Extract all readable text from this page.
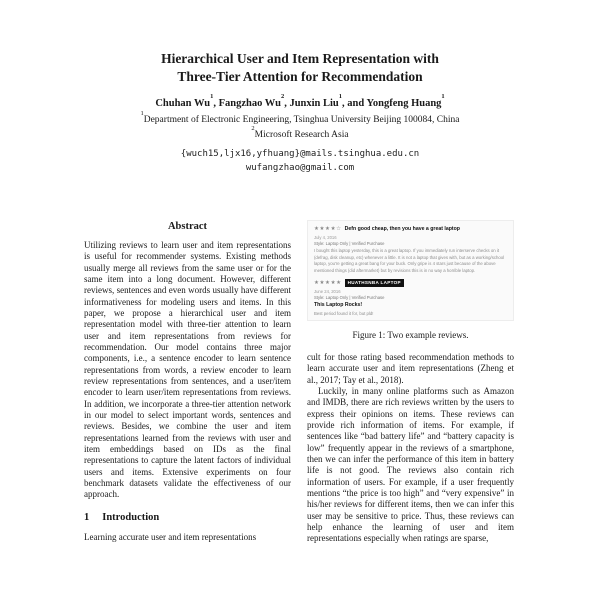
Hierarchical User and Item Representation with
Three-Tier Attention for Recommendation
Chuhan Wu$^1$, Fangzhao Wu$^2$, Junxin Liu$^1$, and Yongfeng Huang$^1$
$^1$Department of Electronic Engineering, Tsinghua University Beijing 100084, China
$^2$Microsoft Research Asia
{wuch15,ljx16,yfhuang}@mails.tsinghua.edu.cn
wufangzhao@gmail.com
Abstract

Utilizing reviews to learn user and item representations is useful for recommender systems. Existing methods usually merge all reviews from the same user or for the same item into a long document. However, different reviews, sentences and even words usually have different informativeness for modeling users and items. In this paper, we propose a hierarchical user and item representation model with three-tier attention to learn user and item representations from reviews for recommendation. Our model contains three major components, i.e., a sentence encoder to learn sentence representations from words, a review encoder to learn review representations from sentences, and a user/item encoder to learn user/item representations from reviews. In addition, we incorporate a three-tier attention network in our model to select important words, sentences and reviews. Besides, we combine the user and item representations learned from the reviews with user and item embeddings based on IDs as the final representations to capture the latent factors of individual users and items. Extensive experiments on four benchmark datasets validate the effectiveness of our approach.

1 Introduction

Learning accurate user and item representations

★★★★☆ Defn good cheap, then you have a great laptop
July 4, 2016
Style: Laptop Only | Verified Purchase
I bought this laptop yesterday, this is a great laptop. If you immediately run interserve checks on it (defrag, disk cleanup, etc) whenever a little. It is not a laptop that gives with, but as a working/school laptop, you're getting a great bang for your buck. Only gripe is 4 stars just because of the above mentioned things (did aftermarket) but by revisions this is in no way a horrible laptop.
★★★★★	HUATHSNBA LAPTOP
June 24, 2016
Style: Laptop Only | Verified Purchase
This Laptop Rocks!
Best period found it for, but pld!
Figure 1: Two example reviews.

cult for those rating based recommendation methods to learn accurate user and item representations (Zheng et al., 2017; Tay et al., 2018).

Luckily, in many online platforms such as Amazon and IMDB, there are rich reviews written by the users to express their opinions on items. These reviews can provide rich information of items. For example, if sentences like “bad battery life” and “battery capacity is low” frequently appear in the reviews of a smartphone, then we can infer the performance of this item in battery life is not good. The reviews also contain rich information of users. For example, if a user frequently mentions “the price is too high” and “very expensive” in his/her reviews for different items, then we can infer this user may be sensitive to price. Thus, these reviews can help enhance the learning of user and item representations especially when ratings are sparse,
